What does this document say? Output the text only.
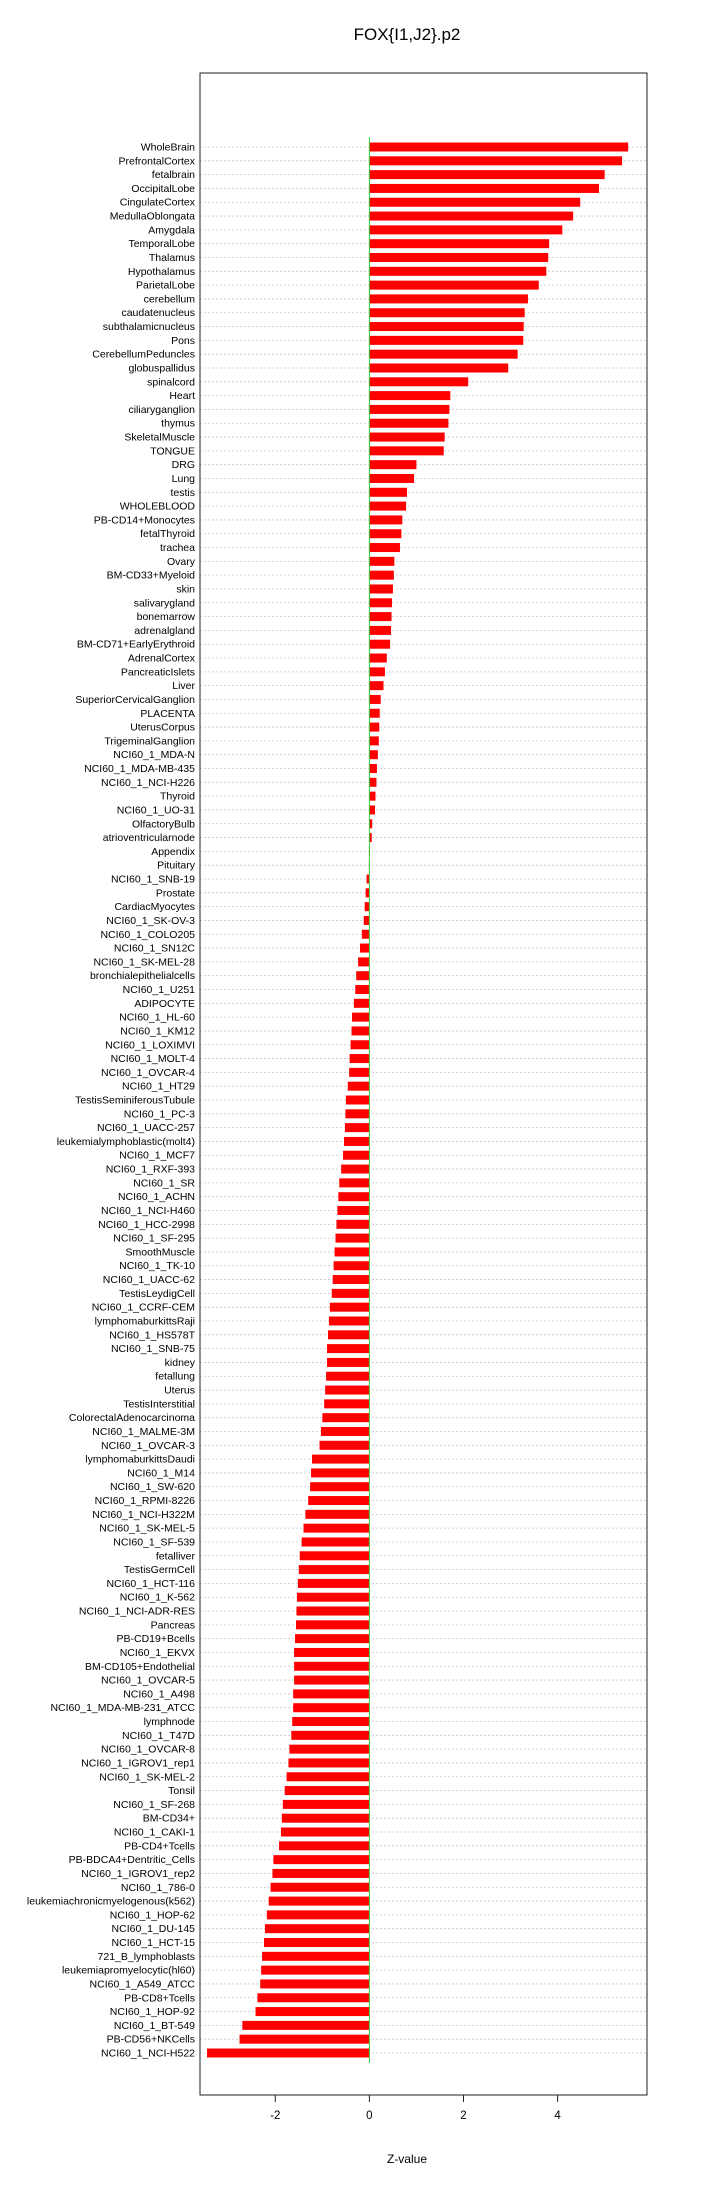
FOX{I1,J2}.p2
WholeBrain
PrefrontalCortex
fetalbrain
OccipitalLobe
CingulateCortex
MedullaOblongata
Amygdala
TemporalLobe
Thalamus
Hypothalamus
ParietalLobe
cerebellum
caudatenucleus
subthalamicnucleus
Pons
CerebellumPeduncles
globuspallidus
spinalcord
Heart
ciliaryganglion
thymus
SkeletalMuscle
TONGUE
DRG
Lung
testis
WHOLEBLOOD
PB-CD14+Monocytes
fetalThyroid
trachea
Ovary
BM-CD33+Myeloid
skin
salivarygland
bonemarrow
adrenalgland
BM-CD71+EarlyErythroid
AdrenalCortex
PancreaticIslets
Liver
SuperiorCervicalGanglion
PLACENTA
UterusCorpus
TrigeminalGanglion
NCI60_1_MDA-N
NCI60_1_MDA-MB-435
NCI60_1_NCI-H226
Thyroid
NCI60_1_UO-31
OlfactoryBulb
atrioventricularnode
Appendix
Pituitary
NCI60_1_SNB-19
Prostate
CardiacMyocytes
NCI60_1_SK-OV-3
NCI60_1_COLO205
NCI60_1_SN12C
NCI60_1_SK-MEL-28
bronchialepithelialcells
NCI60_1_U251
ADIPOCYTE
NCI60_1_HL-60
NCI60_1_KM12
NCI60_1_LOXIMVI
NCI60_1_MOLT-4
NCI60_1_OVCAR-4
NCI60_1_HT29
TestisSeminiferousTubule
NCI60_1_PC-3
NCI60_1_UACC-257
leukemialymphoblastic(molt4)
NCI60_1_MCF7
NCI60_1_RXF-393
NCI60_1_SR
NCI60_1_ACHN
NCI60_1_NCI-H460
NCI60_1_HCC-2998
NCI60_1_SF-295
SmoothMuscle
NCI60_1_TK-10
NCI60_1_UACC-62
TestisLeydigCell
NCI60_1_CCRF-CEM
lymphomaburkittsRaji
NCI60_1_HS578T
NCI60_1_SNB-75
kidney
fetallung
Uterus
TestisInterstitial
ColorectalAdenocarcinoma
NCI60_1_MALME-3M
NCI60_1_OVCAR-3
lymphomaburkittsDaudi
NCI60_1_M14
NCI60_1_SW-620
NCI60_1_RPMI-8226
NCI60_1_NCI-H322M
NCI60_1_SK-MEL-5
NCI60_1_SF-539
fetalliver
TestisGermCell
NCI60_1_HCT-116
NCI60_1_K-562
NCI60_1_NCI-ADR-RES
Pancreas
PB-CD19+Bcells
NCI60_1_EKVX
BM-CD105+Endothelial
NCI60_1_OVCAR-5
NCI60_1_A498
NCI60_1_MDA-MB-231_ATCC
lymphnode
NCI60_1_T47D
NCI60_1_OVCAR-8
NCI60_1_IGROV1_rep1
NCI60_1_SK-MEL-2
Tonsil
NCI60_1_SF-268
BM-CD34+
NCI60_1_CAKI-1
PB-CD4+Tcells
PB-BDCA4+Dentritic_Cells
NCI60_1_IGROV1_rep2
NCI60_1_786-0
leukemiachronicmyelogenous(k562)
NCI60_1_HOP-62
NCI60_1_DU-145
NCI60_1_HCT-15
721_B_lymphoblasts
leukemiapromyelocytic(hl60)
NCI60_1_A549_ATCC
PB-CD8+Tcells
NCI60_1_HOP-92
NCI60_1_BT-549
PB-CD56+NKCells
NCI60_1_NCI-H522
-2	0	2	4
Z-value
